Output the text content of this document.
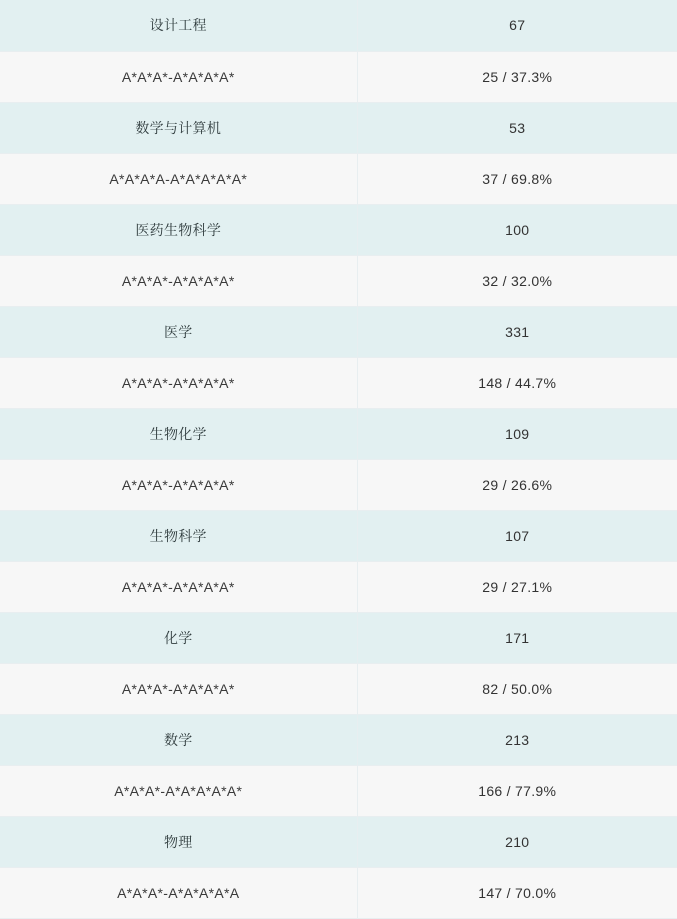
设计工程	67
A*A*A*-A*A*A*A*	25 / 37.3%
数学与计算机	53
A*A*A*A-A*A*A*A*A*	37 / 69.8%
医药生物科学	100
A*A*A*-A*A*A*A*	32 / 32.0%
医学	331
A*A*A*-A*A*A*A*	148 / 44.7%
生物化学	109
A*A*A*-A*A*A*A*	29 / 26.6%
生物科学	107
A*A*A*-A*A*A*A*	29 / 27.1%
化学	171
A*A*A*-A*A*A*A*	82 / 50.0%
数学	213
A*A*A*-A*A*A*A*A*	166 / 77.9%
物理	210
A*A*A*-A*A*A*A*A	147 / 70.0%
